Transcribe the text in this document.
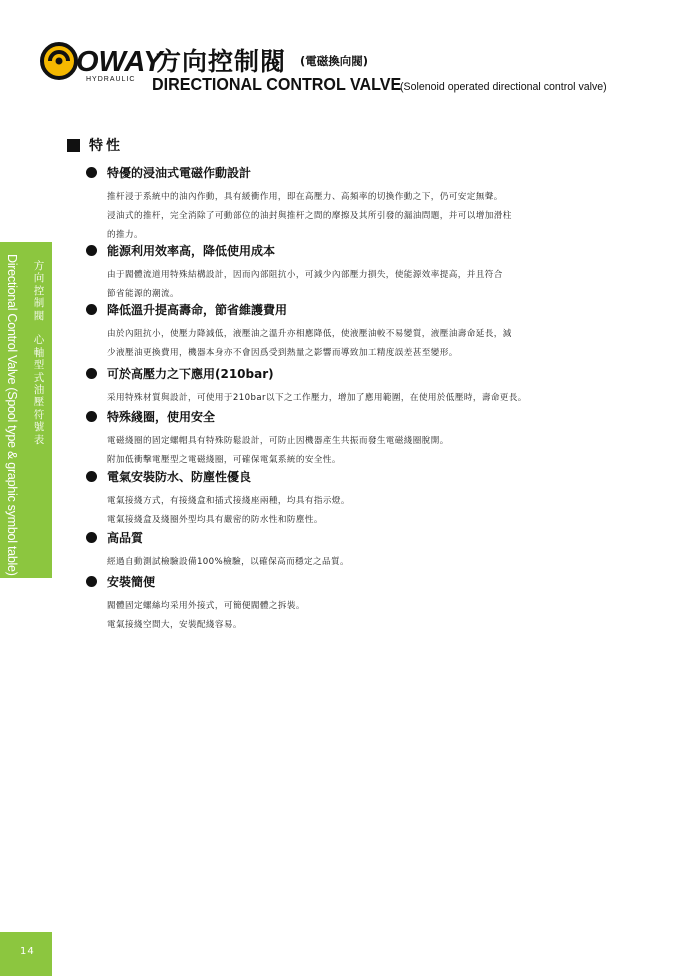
OWAY
HYDRAULIC
方向控制閥 (電磁換向閥)
DIRECTIONAL CONTROL VALVE
(Solenoid operated directional control valve)
方
向
控
制
閥

心
軸
型
式
油
壓
符
號
表
Directional Control Valve (Spool type & graphic symbol table)
特性
特優的浸油式電磁作動設計
推杆浸于系統中的油內作動，具有緩衝作用，即在高壓力、高頻率的切換作動之下，仍可安定無聲。
浸油式的推杆，完全消除了可動部位的油封與推杆之間的摩擦及其所引發的漏油問題，并可以增加滑柱
的推力。
能源利用效率高，降低使用成本
由于閥體流道用特殊結構設計，因而內部阻抗小，可減少內部壓力損失，使能源效率提高，并且符合
節省能源的潮流。
降低溫升提高壽命，節省維護費用
由於內阻抗小，使壓力降減低，液壓油之溫升亦相應降低，使液壓油較不易變質，液壓油壽命延長，減
少液壓油更換費用，機器本身亦不會因爲受到熱量之影響而導致加工精度誤差甚至變形。
可於高壓力之下應用(210bar)
采用特殊材質與設計，可使用于210bar以下之工作壓力，增加了應用範圍，在使用於低壓時，壽命更長。
特殊綫圈，使用安全
電磁綫圈的固定螺帽具有特殊防鬆設計，可防止因機器產生共振而發生電磁綫圈脫開。
附加低衝擊電壓型之電磁綫圈，可確保電氣系統的安全性。
電氣安裝防水、防塵性優良
電氣接綫方式，有接綫盒和插式接綫座兩種，均具有指示燈。
電氣接綫盒及綫圈外型均具有嚴密的防水性和防塵性。
高品質
經過自動測試檢驗設備100%檢驗，以確保高而穩定之品質。
安裝簡便
閥體固定螺絲均采用外接式，可簡便閥體之拆裝。
電氣接綫空間大，安裝配綫容易。
14
